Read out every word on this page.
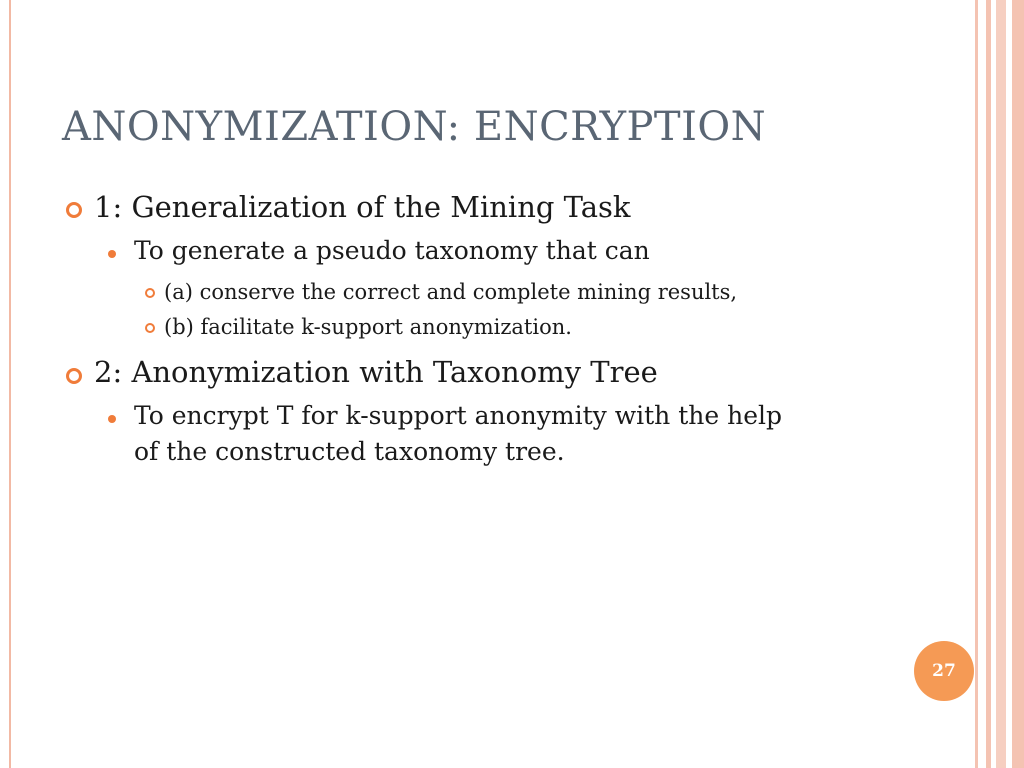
ANONYMIZATION: ENCRYPTION
1: Generalization of the Mining Task
To generate a pseudo taxonomy that can
(a) conserve the correct and complete mining results,
(b) facilitate k-support anonymization.
2: Anonymization with Taxonomy Tree
To encrypt T for k-support anonymity with the help
of the constructed taxonomy tree.
27
